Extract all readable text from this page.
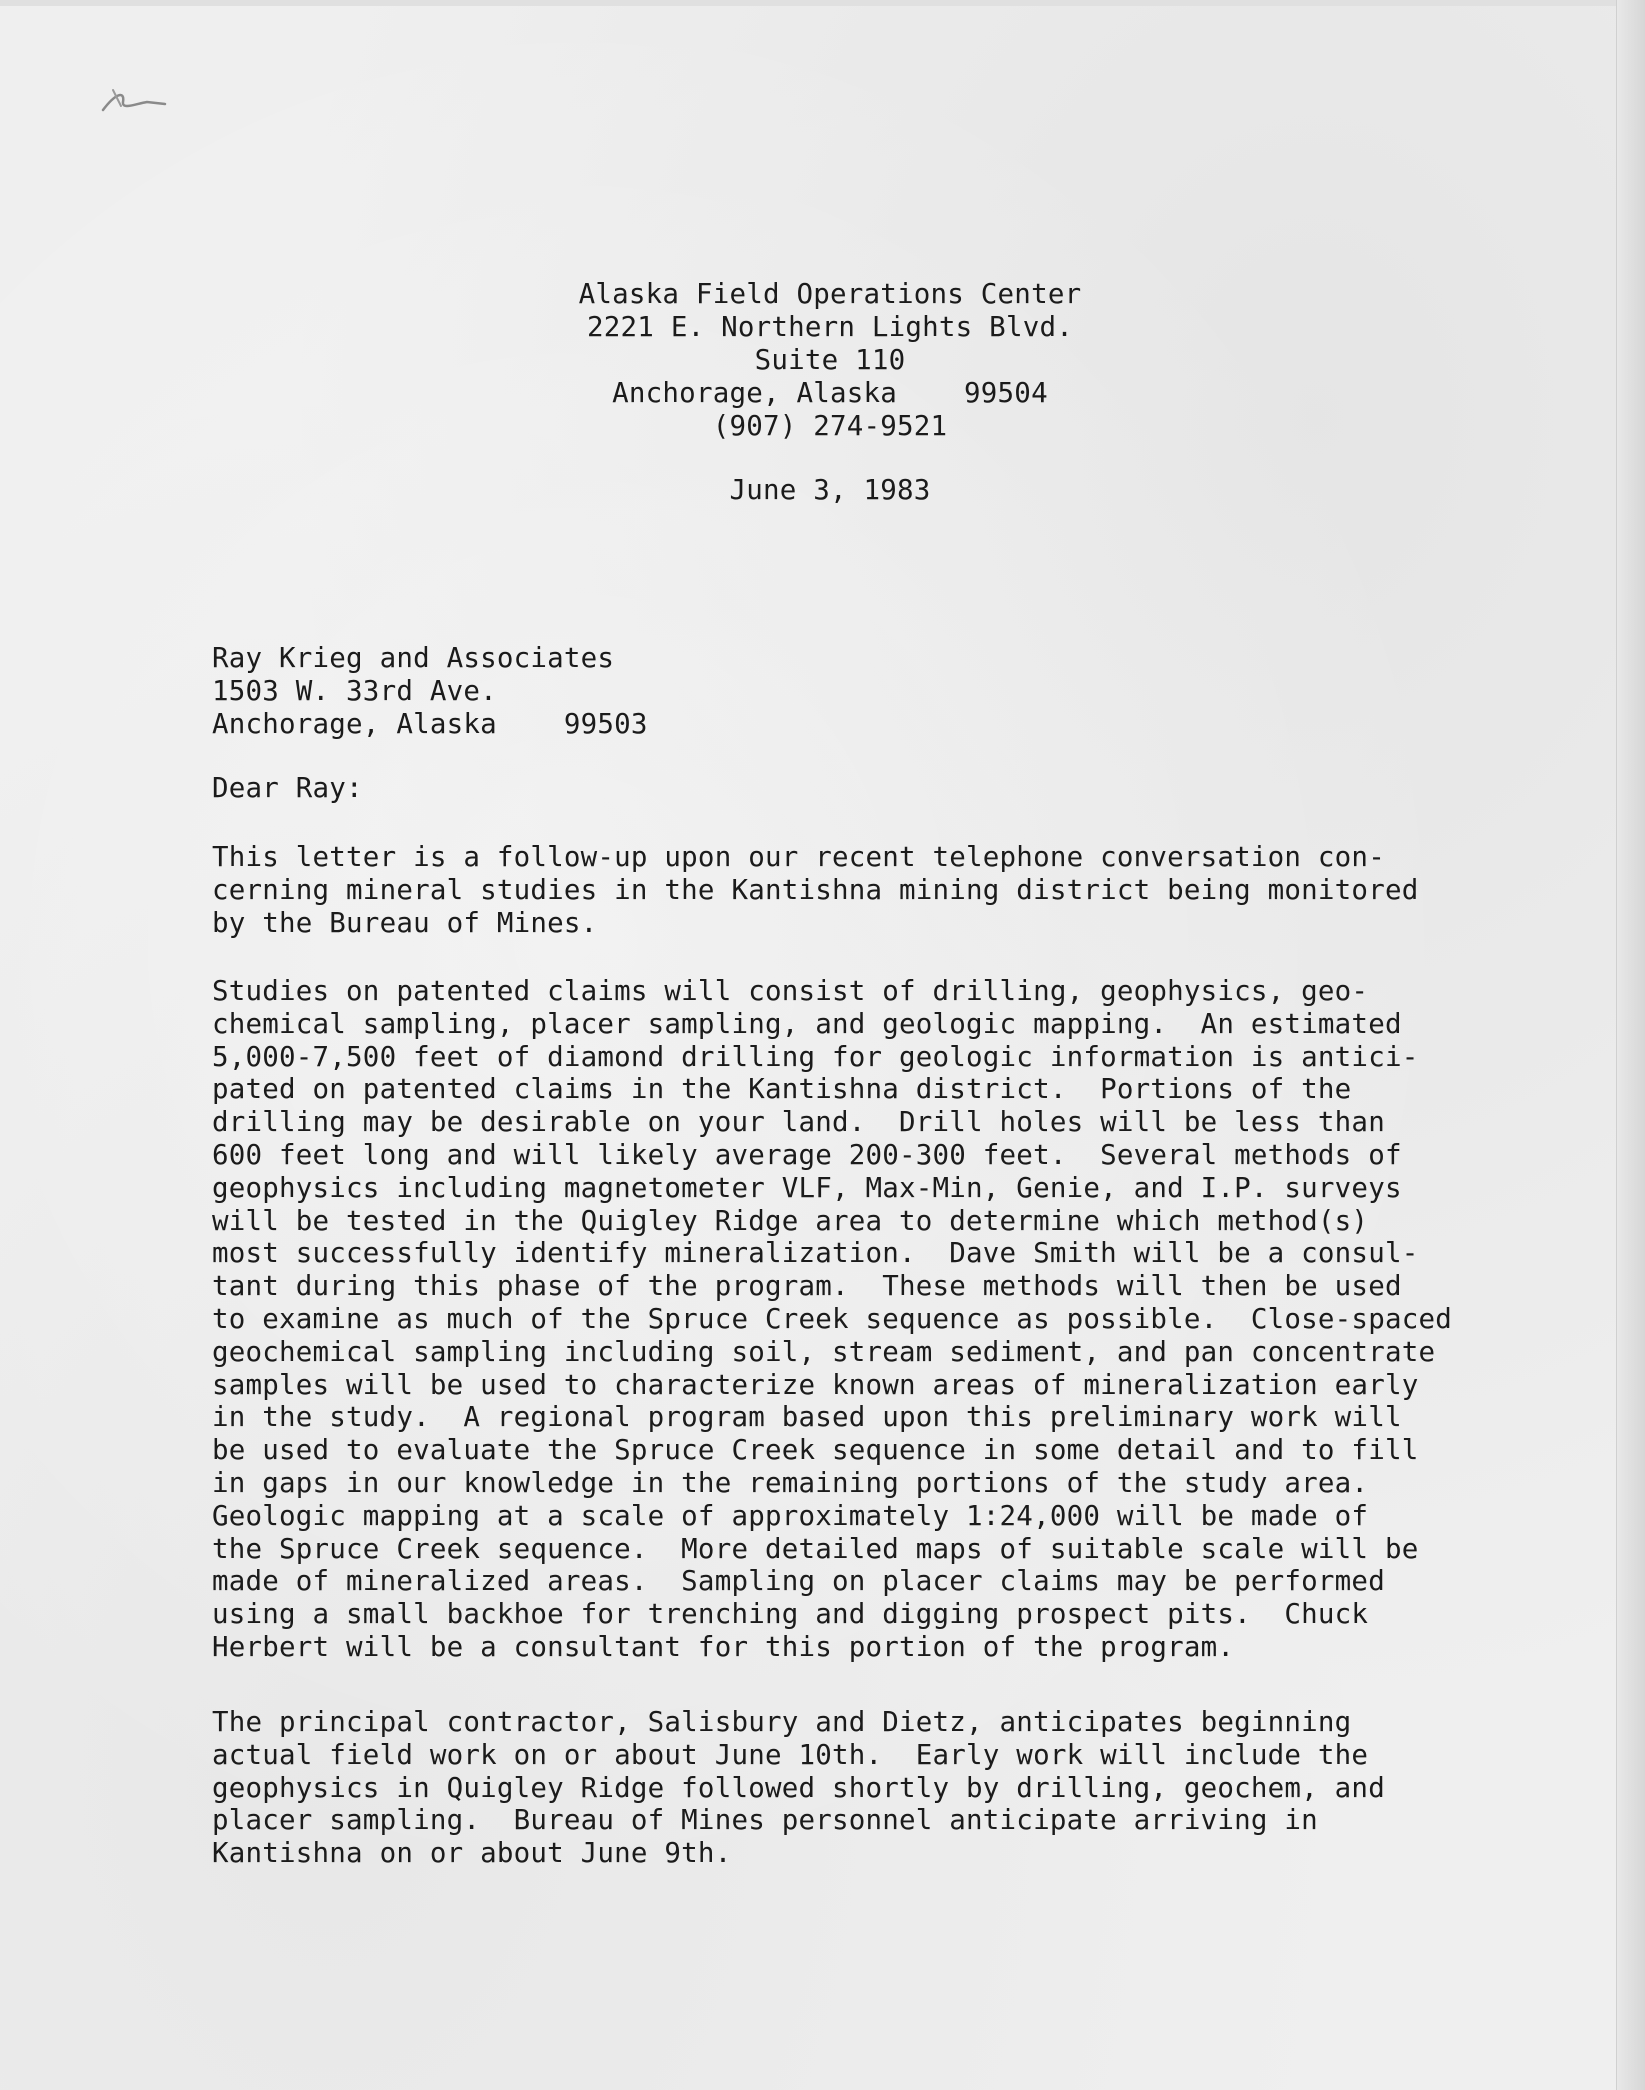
Alaska Field Operations Center
2221 E. Northern Lights Blvd.
Suite 110
Anchorage, Alaska    99504
(907) 274-9521
June 3, 1983
Ray Krieg and Associates
1503 W. 33rd Ave.
Anchorage, Alaska    99503
Dear Ray:
This letter is a follow-up upon our recent telephone conversation con-
cerning mineral studies in the Kantishna mining district being monitored
by the Bureau of Mines.
Studies on patented claims will consist of drilling, geophysics, geo-
chemical sampling, placer sampling, and geologic mapping.  An estimated
5,000-7,500 feet of diamond drilling for geologic information is antici-
pated on patented claims in the Kantishna district.  Portions of the
drilling may be desirable on your land.  Drill holes will be less than
600 feet long and will likely average 200-300 feet.  Several methods of
geophysics including magnetometer VLF, Max-Min, Genie, and I.P. surveys
will be tested in the Quigley Ridge area to determine which method(s)
most successfully identify mineralization.  Dave Smith will be a consul-
tant during this phase of the program.  These methods will then be used
to examine as much of the Spruce Creek sequence as possible.  Close-spaced
geochemical sampling including soil, stream sediment, and pan concentrate
samples will be used to characterize known areas of mineralization early
in the study.  A regional program based upon this preliminary work will
be used to evaluate the Spruce Creek sequence in some detail and to fill
in gaps in our knowledge in the remaining portions of the study area.
Geologic mapping at a scale of approximately 1:24,000 will be made of
the Spruce Creek sequence.  More detailed maps of suitable scale will be
made of mineralized areas.  Sampling on placer claims may be performed
using a small backhoe for trenching and digging prospect pits.  Chuck
Herbert will be a consultant for this portion of the program.
The principal contractor, Salisbury and Dietz, anticipates beginning
actual field work on or about June 10th.  Early work will include the
geophysics in Quigley Ridge followed shortly by drilling, geochem, and
placer sampling.  Bureau of Mines personnel anticipate arriving in
Kantishna on or about June 9th.
